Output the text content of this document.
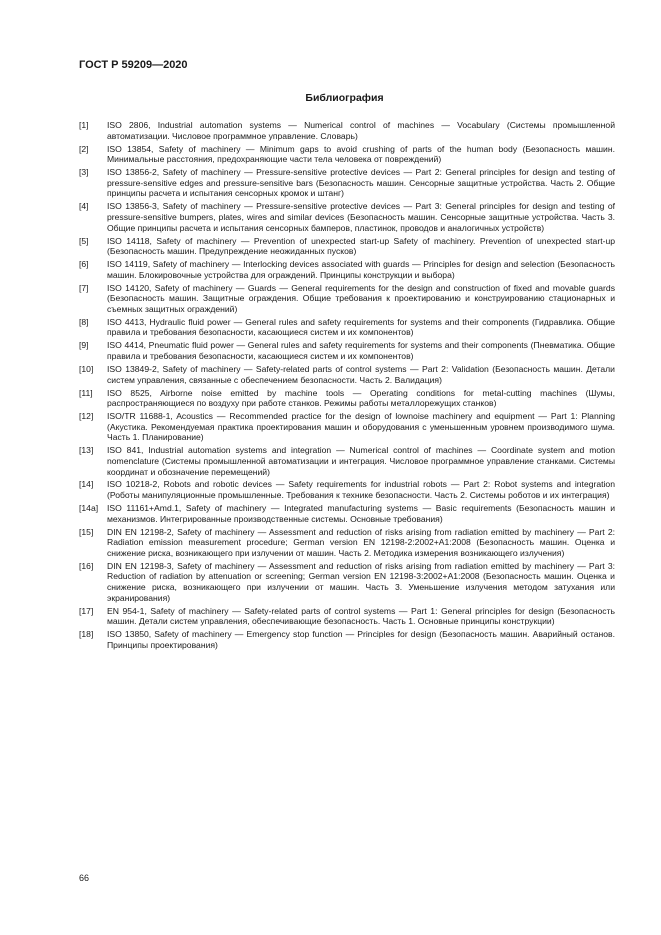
ГОСТ Р 59209—2020
Библиография
[1] ISO 2806, Industrial automation systems — Numerical control of machines — Vocabulary (Системы промышленной автоматизации. Числовое программное управление. Словарь)
[2] ISO 13854, Safety of machinery — Minimum gaps to avoid crushing of parts of the human body (Безопасность машин. Минимальные расстояния, предохраняющие части тела человека от повреждений)
[3] ISO 13856-2, Safety of machinery — Pressure-sensitive protective devices — Part 2: General principles for design and testing of pressure-sensitive edges and pressure-sensitive bars (Безопасность машин. Сенсорные защитные устройства. Часть 2. Общие принципы расчета и испытания сенсорных кромок и штанг)
[4] ISO 13856-3, Safety of machinery — Pressure-sensitive protective devices — Part 3: General principles for design and testing of pressure-sensitive bumpers, plates, wires and similar devices (Безопасность машин. Сенсорные защитные устройства. Часть 3. Общие принципы расчета и испытания сенсорных бамперов, пластинок, проводов и аналогичных устройств)
[5] ISO 14118, Safety of machinery — Prevention of unexpected start-up Safety of machinery. Prevention of unexpected start-up (Безопасность машин. Предупреждение неожиданных пусков)
[6] ISO 14119, Safety of machinery — Interlocking devices associated with guards — Principles for design and selection (Безопасность машин. Блокировочные устройства для ограждений. Принципы конструкции и выбора)
[7] ISO 14120, Safety of machinery — Guards — General requirements for the design and construction of fixed and movable guards (Безопасность машин. Защитные ограждения. Общие требования к проектированию и конструированию стационарных и съемных защитных ограждений)
[8] ISO 4413, Hydraulic fluid power — General rules and safety requirements for systems and their components (Гидравлика. Общие правила и требования безопасности, касающиеся систем и их компонентов)
[9] ISO 4414, Pneumatic fluid power — General rules and safety requirements for systems and their components (Пневматика. Общие правила и требования безопасности, касающиеся систем и их компонентов)
[10] ISO 13849-2, Safety of machinery — Safety-related parts of control systems — Part 2: Validation (Безопасность машин. Детали систем управления, связанные с обеспечением безопасности. Часть 2. Валидация)
[11] ISO 8525, Airborne noise emitted by machine tools — Operating conditions for metal-cutting machines (Шумы, распространяющиеся по воздуху при работе станков. Режимы работы металлорежущих станков)
[12] ISO/TR 11688-1, Acoustics — Recommended practice for the design of lownoise machinery and equipment — Part 1: Planning (Акустика. Рекомендуемая практика проектирования машин и оборудования с уменьшенным уровнем производимого шума. Часть 1. Планирование)
[13] ISO 841, Industrial automation systems and integration — Numerical control of machines — Coordinate system and motion nomenclature (Системы промышленной автоматизации и интеграция. Числовое программное управление станками. Системы координат и обозначение перемещений)
[14] ISO 10218-2, Robots and robotic devices — Safety requirements for industrial robots — Part 2: Robot systems and integration (Роботы манипуляционные промышленные. Требования к технике безопасности. Часть 2. Системы роботов и их интеграция)
[14a] ISO 11161+Amd.1, Safety of machinery — Integrated manufacturing systems — Basic requirements (Безопасность машин и механизмов. Интегрированные производственные системы. Основные требования)
[15] DIN EN 12198-2, Safety of machinery — Assessment and reduction of risks arising from radiation emitted by machinery — Part 2: Radiation emission measurement procedure; German version EN 12198-2:2002+A1:2008 (Безопасность машин. Оценка и снижение риска, возникающего при излучении от машин. Часть 2. Методика измерения возникающего излучения)
[16] DIN EN 12198-3, Safety of machinery — Assessment and reduction of risks arising from radiation emitted by machinery — Part 3: Reduction of radiation by attenuation or screening; German version EN 12198-3:2002+A1:2008 (Безопасность машин. Оценка и снижение риска, возникающего при излучении от машин. Часть 3. Уменьшение излучения методом затухания или экранирования)
[17] EN 954-1, Safety of machinery — Safety-related parts of control systems — Part 1: General principles for design (Безопасность машин. Детали систем управления, обеспечивающие безопасность. Часть 1. Основные принципы конструкции)
[18] ISO 13850, Safety of machinery — Emergency stop function — Principles for design (Безопасность машин. Аварийный останов. Принципы проектирования)
66
